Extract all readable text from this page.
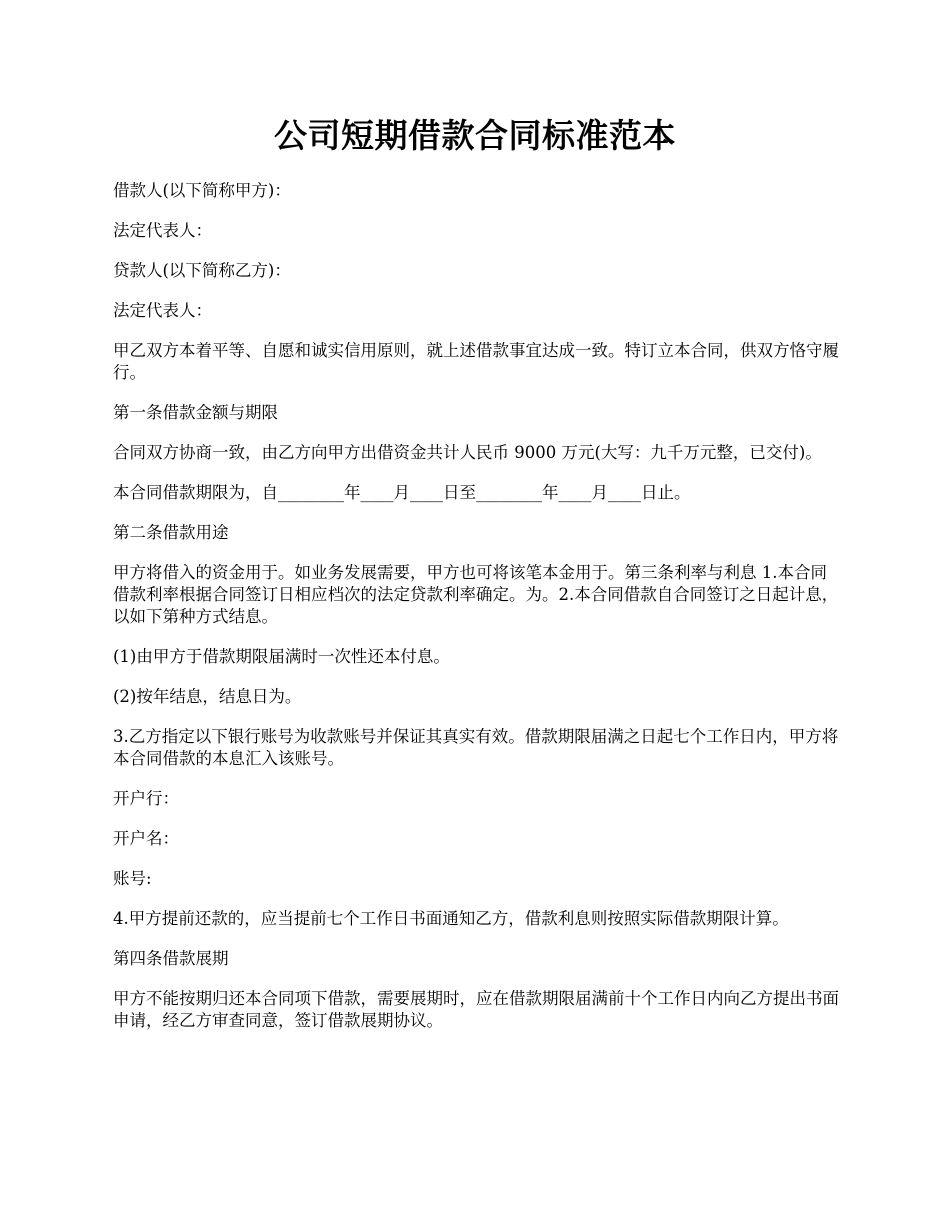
公司短期借款合同标准范本

借款人(以下简称甲方)：

法定代表人：

贷款人(以下简称乙方)：

法定代表人：

甲乙双方本着平等、自愿和诚实信用原则，就上述借款事宜达成一致。特订立本合同，供双方恪守履行。

第一条借款金额与期限

合同双方协商一致，由乙方向甲方出借资金共计人民币 9000 万元(大写：九千万元整，已交付)。

本合同借款期限为，自________年____月____日至________年____月____日止。

第二条借款用途

甲方将借入的资金用于。如业务发展需要，甲方也可将该笔本金用于。第三条利率与利息 1.本合同借款利率根据合同签订日相应档次的法定贷款利率确定。为。2.本合同借款自合同签订之日起计息，以如下第种方式结息。

(1)由甲方于借款期限届满时一次性还本付息。

(2)按年结息，结息日为。

3.乙方指定以下银行账号为收款账号并保证其真实有效。借款期限届满之日起七个工作日内，甲方将本合同借款的本息汇入该账号。

开户行：

开户名：

账号:

4.甲方提前还款的，应当提前七个工作日书面通知乙方，借款利息则按照实际借款期限计算。

第四条借款展期

甲方不能按期归还本合同项下借款，需要展期时，应在借款期限届满前十个工作日内向乙方提出书面申请，经乙方审查同意，签订借款展期协议。
